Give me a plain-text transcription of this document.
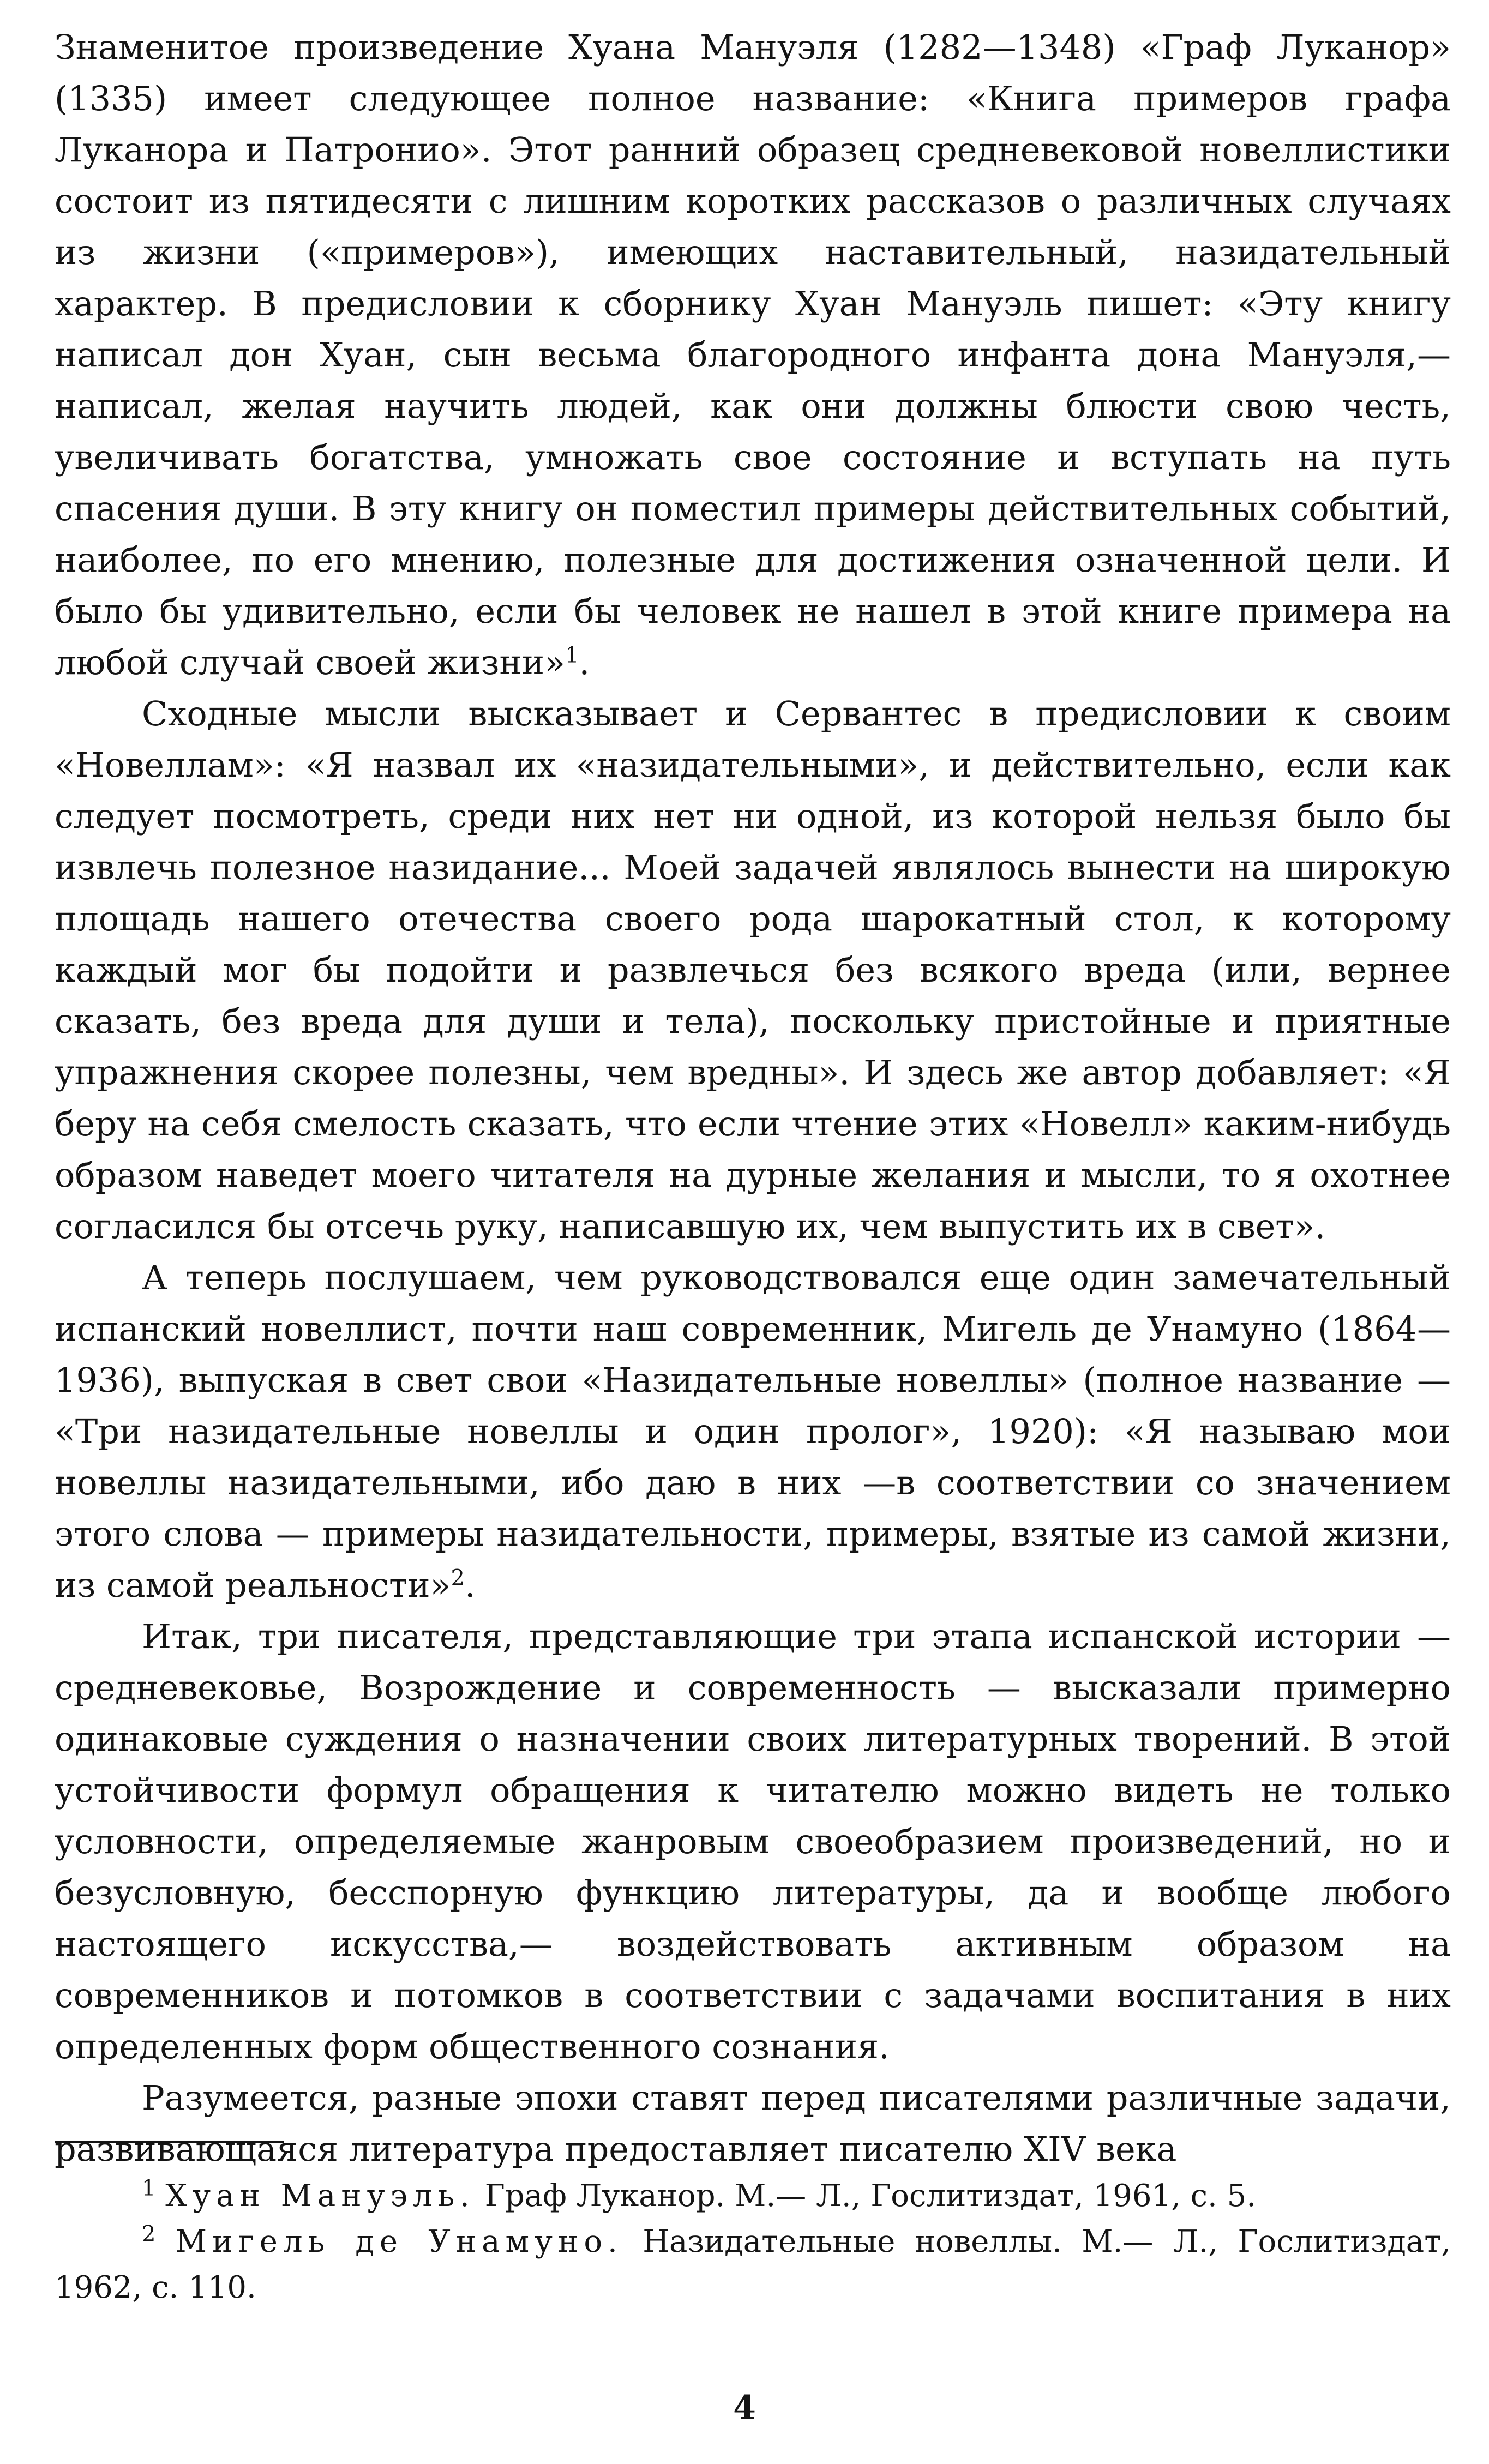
Знаменитое произведение Хуана Мануэля (1282—1348) «Граф Луканор» (1335) имеет следующее полное название: «Книга примеров графа Луканора и Патронио». Этот ранний образец средневековой новеллистики состоит из пятидесяти с лишним коротких рассказов о различных случаях из жизни («примеров»), имеющих наставительный, назидательный характер. В предисловии к сборнику Хуан Мануэль пишет: «Эту книгу написал дон Хуан, сын весьма благородного инфанта дона Мануэля,— написал, желая научить людей, как они должны блюсти свою честь, увеличивать богатства, умножать свое состояние и вступать на путь спасения души. В эту книгу он поместил примеры действительных событий, наиболее, по его мнению, полезные для достижения означенной цели. И было бы удивительно, если бы человек не нашел в этой книге примера на любой случай своей жизни»$^1$.

Сходные мысли высказывает и Сервантес в предисловии к своим «Новеллам»: «Я назвал их «назидательными», и действительно, если как следует посмотреть, среди них нет ни одной, из которой нельзя было бы извлечь полезное назидание... Моей задачей являлось вынести на широкую площадь нашего отечества своего рода шарокатный стол, к которому каждый мог бы подойти и развлечься без всякого вреда (или, вернее сказать, без вреда для души и тела), поскольку пристойные и приятные упражнения скорее полезны, чем вредны». И здесь же автор добавляет: «Я беру на себя смелость сказать, что если чтение этих «Новелл» каким-нибудь образом наведет моего читателя на дурные желания и мысли, то я охотнее согласился бы отсечь руку, написавшую их, чем выпустить их в свет».

А теперь послушаем, чем руководствовался еще один замечательный испанский новеллист, почти наш современник, Мигель де Унамуно (1864—1936), выпуская в свет свои «Назидательные новеллы» (полное название — «Три назидательные новеллы и один пролог», 1920): «Я называю мои новеллы назидательными, ибо даю в них —в соответствии со значением этого слова — примеры назидательности, примеры, взятые из самой жизни, из самой реальности»$^2$.

Итак, три писателя, представляющие три этапа испанской истории — средневековье, Возрождение и современность — высказали примерно одинаковые суждения о назначении своих литературных творений. В этой устойчивости формул обращения к читателю можно видеть не только условности, определяемые жанровым своеобразием произведений, но и безусловную, бесспорную функцию литературы, да и вообще любого настоящего искусства,— воздействовать активным образом на современников и потомков в соответствии с задачами воспитания в них определенных форм общественного сознания.

Разумеется, разные эпохи ставят перед писателями различные задачи, развивающаяся литература предоставляет писателю XIV века

$^1$ Хуан Мануэль. Граф Луканор. М.— Л., Гослитиздат, 1961, с. 5.

$^2$ Мигель де Унамуно. Назидательные новеллы. М.— Л., Гослитиздат, 1962, с. 110.

4
